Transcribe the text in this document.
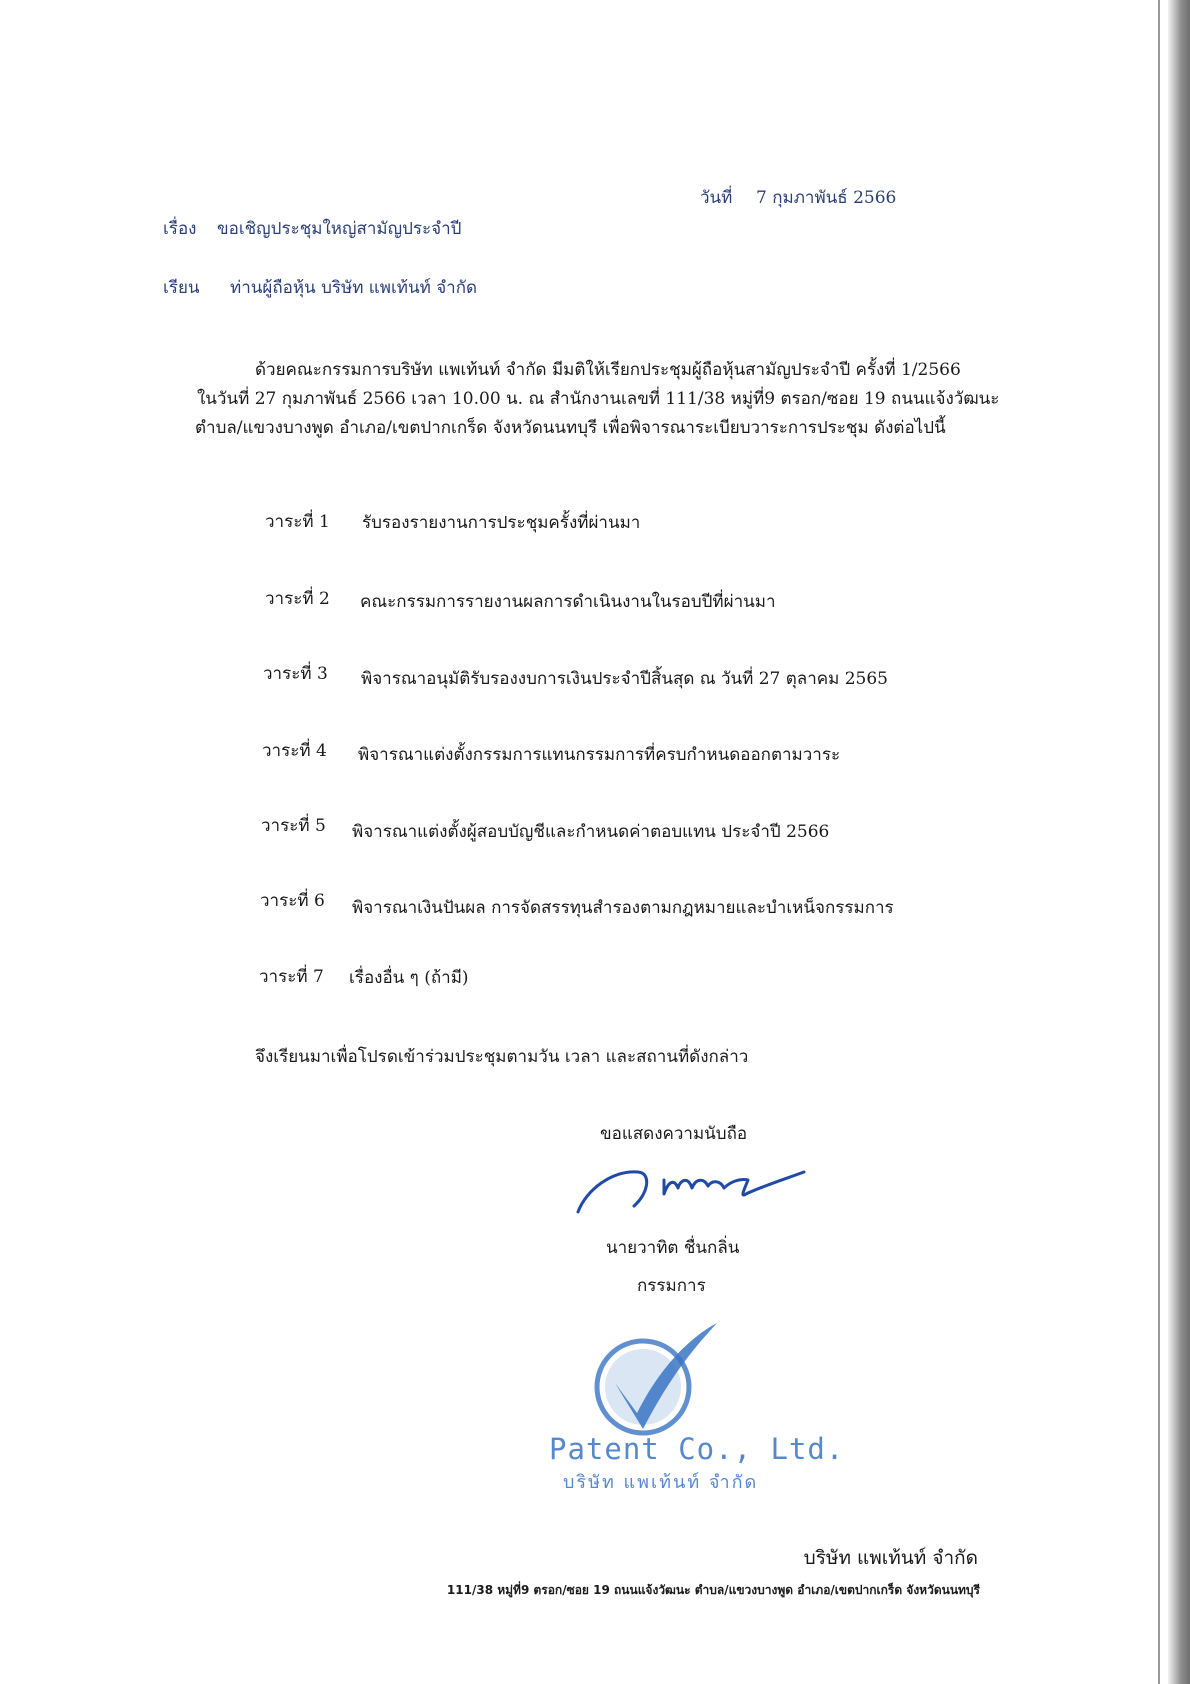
วันที่ 7 กุมภาพันธ์ 2566
เรื่อง ขอเชิญประชุมใหญ่สามัญประจำปี
เรียน ท่านผู้ถือหุ้น บริษัท แพเท้นท์ จำกัด
ด้วยคณะกรรมการบริษัท แพเท้นท์ จำกัด มีมติให้เรียกประชุมผู้ถือหุ้นสามัญประจำปี ครั้งที่ 1/2566
ในวันที่ 27 กุมภาพันธ์ 2566 เวลา 10.00 น. ณ สำนักงานเลขที่ 111/38 หมู่ที่9 ตรอก/ซอย 19 ถนนแจ้งวัฒนะ
ตำบล/แขวงบางพูด อำเภอ/เขตปากเกร็ด จังหวัดนนทบุรี เพื่อพิจารณาระเบียบวาระการประชุม ดังต่อไปนี้
วาระที่ 1 รับรองรายงานการประชุมครั้งที่ผ่านมา
วาระที่ 2 คณะกรรมการรายงานผลการดำเนินงานในรอบปีที่ผ่านมา
วาระที่ 3 พิจารณาอนุมัติรับรองงบการเงินประจำปีสิ้นสุด ณ วันที่ 27 ตุลาคม 2565
วาระที่ 4 พิจารณาแต่งตั้งกรรมการแทนกรรมการที่ครบกำหนดออกตามวาระ
วาระที่ 5 พิจารณาแต่งตั้งผู้สอบบัญชีและกำหนดค่าตอบแทน ประจำปี 2566
วาระที่ 6 พิจารณาเงินปันผล การจัดสรรทุนสำรองตามกฎหมายและบำเหน็จกรรมการ
วาระที่ 7 เรื่องอื่น ๆ (ถ้ามี)
จึงเรียนมาเพื่อโปรดเข้าร่วมประชุมตามวัน เวลา และสถานที่ดังกล่าว
ขอแสดงความนับถือ
นายวาทิต ชื่นกลิ่น
กรรมการ
Patent Co., Ltd.
บริษัท แพเท้นท์ จำกัด
บริษัท แพเท้นท์ จำกัด
111/38 หมู่ที่9 ตรอก/ซอย 19 ถนนแจ้งวัฒนะ ตำบล/แขวงบางพูด อำเภอ/เขตปากเกร็ด จังหวัดนนทบุรี
